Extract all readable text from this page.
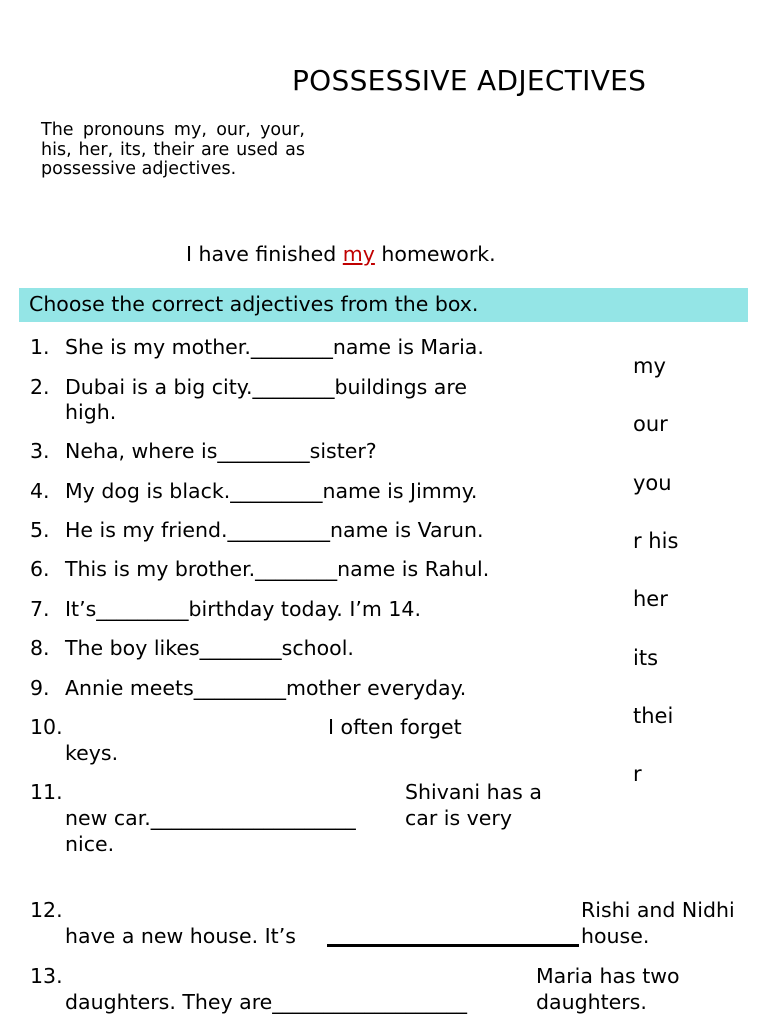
POSSESSIVE ADJECTIVES
The pronouns my, our, your, his, her, its, their are used as possessive adjectives.
I have finished my homework.
Choose the correct adjectives from the box.
1. She is my mother.________name is Maria.
2. Dubai is a big city.________buildings are
high.
3. Neha, where is_________sister?
4. My dog is black._________name is Jimmy.
5. He is my friend.__________name is Varun.
6. This is my brother.________name is Rahul.
7. It’s_________birthday today. I’m 14.
8. The boy likes________school.
9. Annie meets_________mother everyday.
10.	I often forget
keys.
11.	Shivani has a
new car.____________________ car is very
nice.
12.	Rishi and Nidhi
have a new house. It’s	house.
13.	Maria has two
daughters. They are___________________	daughters.
my
our
you
r his
her
its
thei
r
